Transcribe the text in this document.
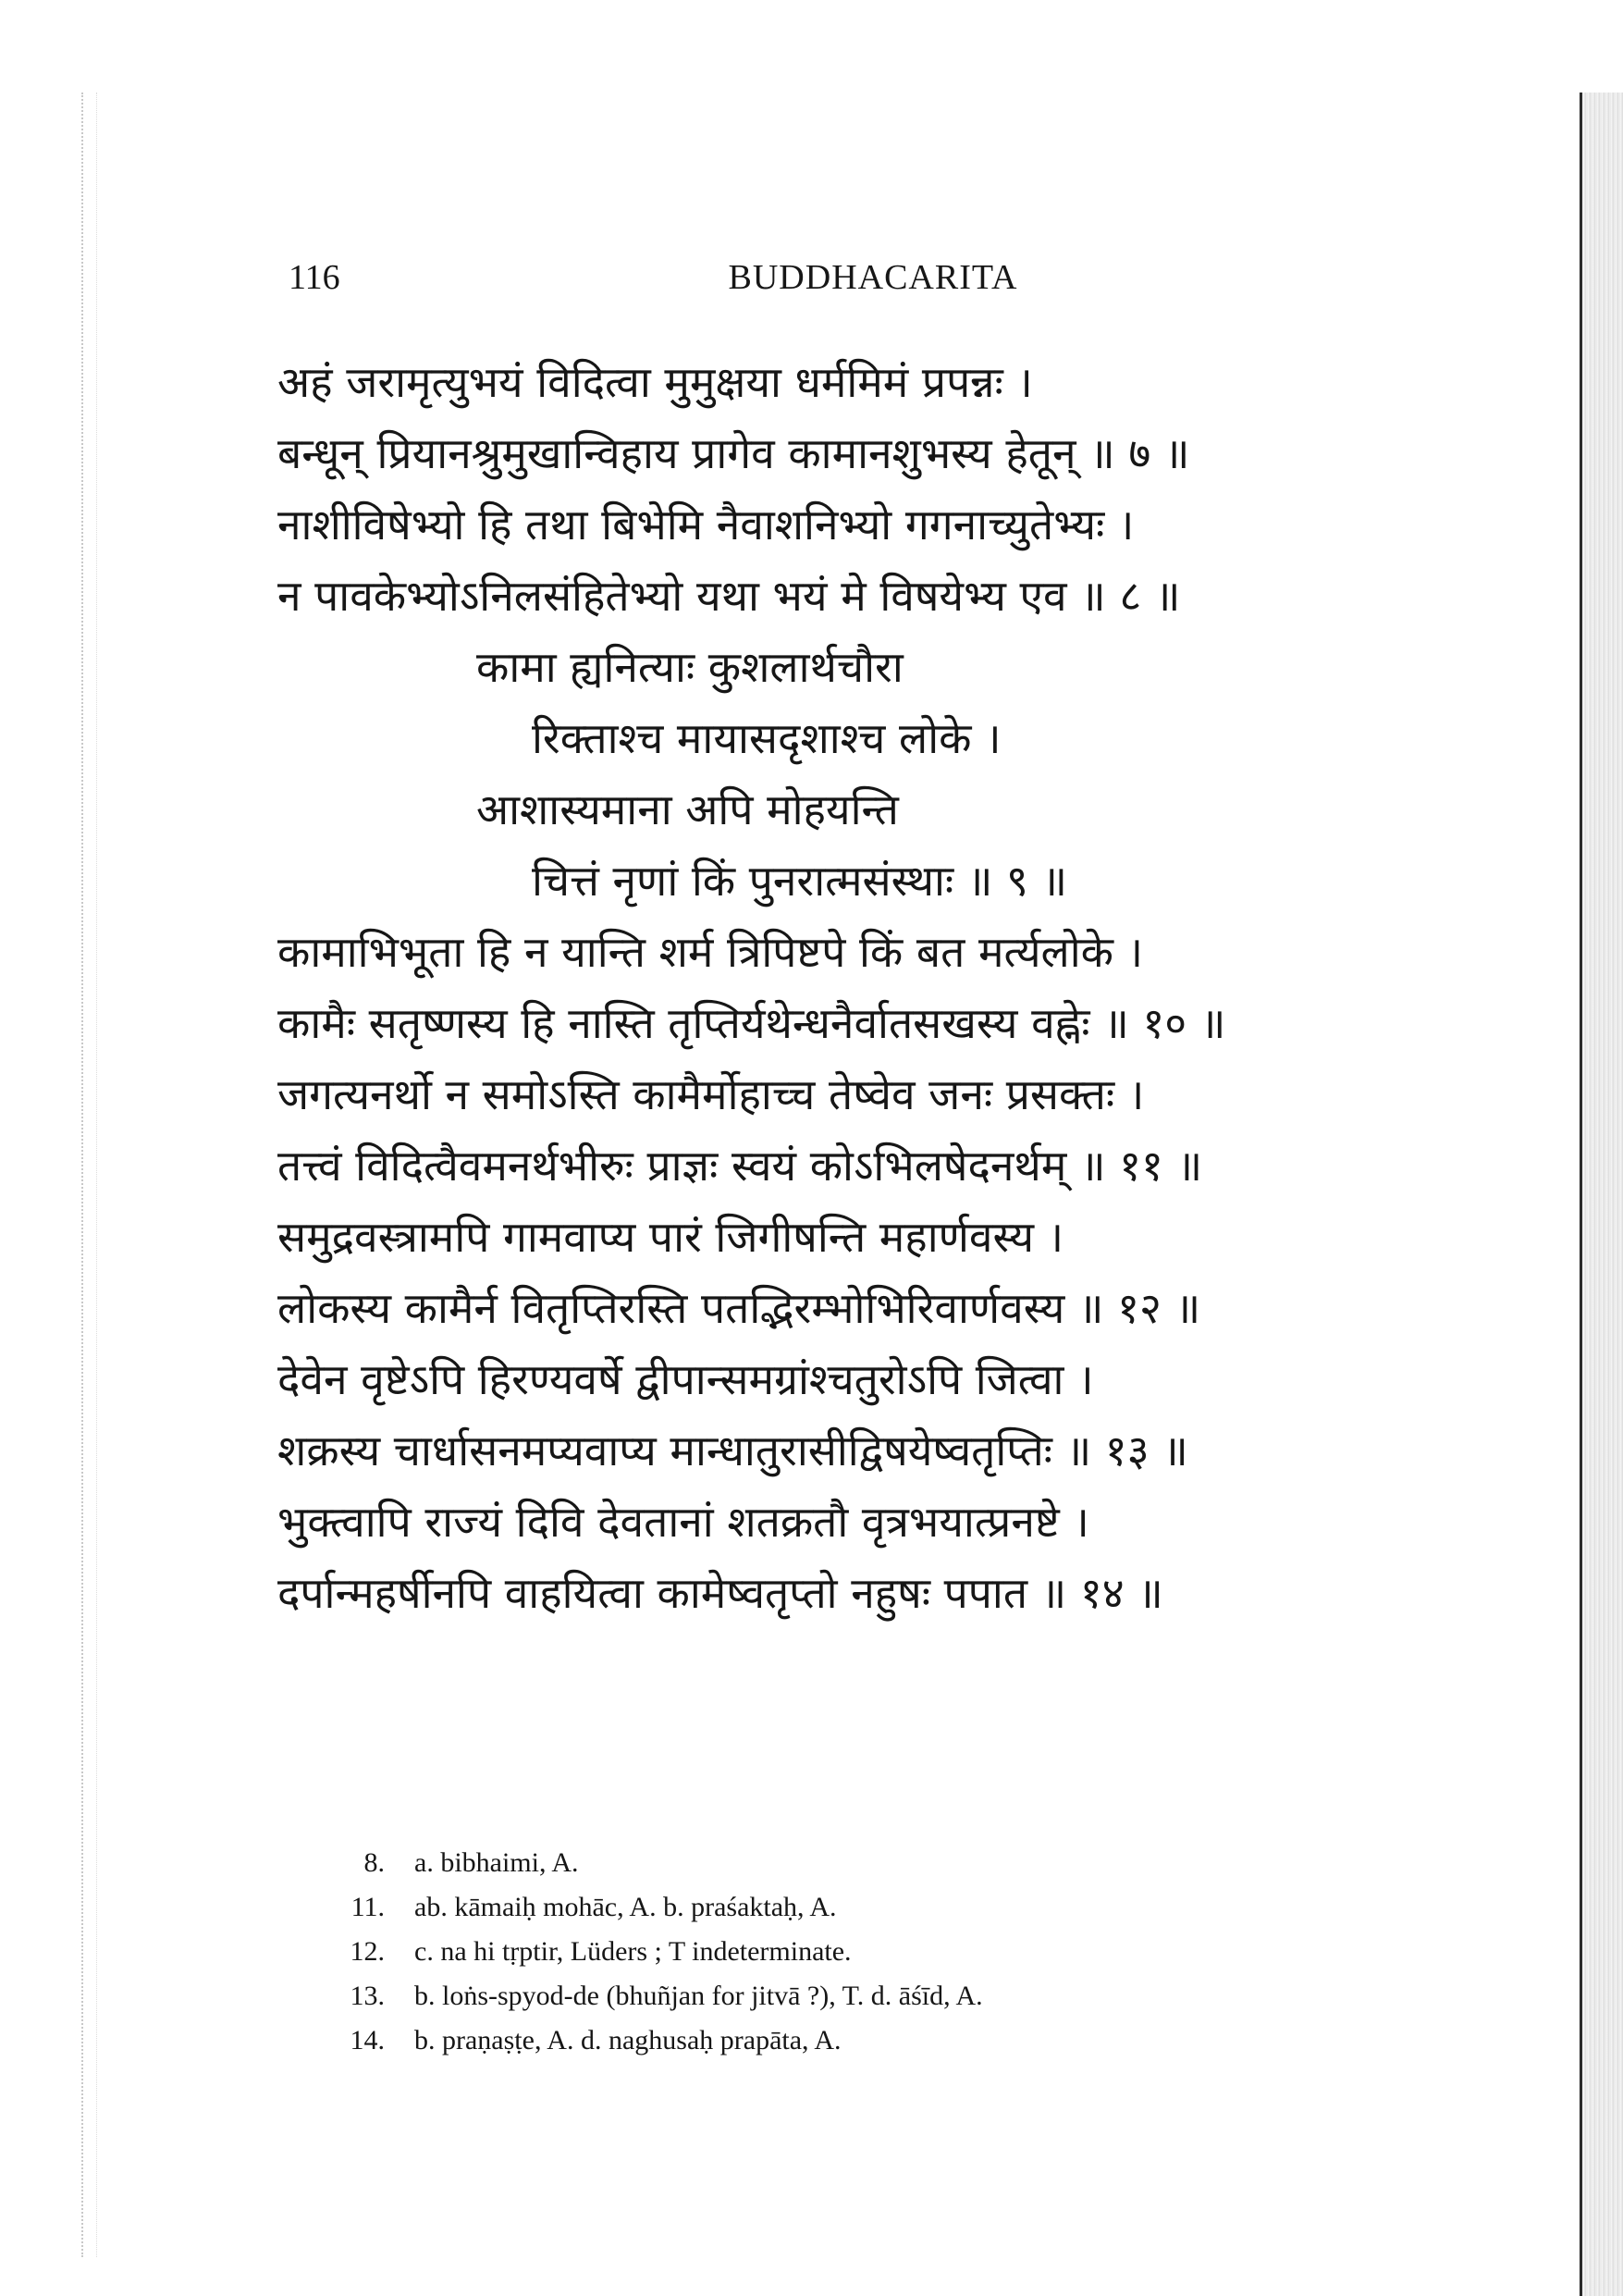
116	BUDDHACARITA
अहं जरामृत्युभयं विदित्वा मुमुक्षया धर्ममिमं प्रपन्नः ।
बन्धून् प्रियानश्रुमुखान्विहाय प्रागेव कामानशुभस्य हेतून् ॥ ७ ॥
नाशीविषेभ्यो हि तथा बिभेमि नैवाशनिभ्यो गगनाच्युतेभ्यः ।
न पावकेभ्योऽनिलसंहितेभ्यो यथा भयं मे विषयेभ्य एव ॥ ८ ॥
कामा ह्यनित्याः कुशलार्थचौरा
रिक्ताश्च मायासदृशाश्च लोके ।
आशास्यमाना अपि मोहयन्ति
चित्तं नृणां किं पुनरात्मसंस्थाः ॥ ९ ॥
कामाभिभूता हि न यान्ति शर्म त्रिपिष्टपे किं बत मर्त्यलोके ।
कामैः सतृष्णस्य हि नास्ति तृप्तिर्यथेन्धनैर्वातसखस्य वह्नेः ॥ १० ॥
जगत्यनर्थो न समोऽस्ति कामैर्मोहाच्च तेष्वेव जनः प्रसक्तः ।
तत्त्वं विदित्वैवमनर्थभीरुः प्राज्ञः स्वयं कोऽभिलषेदनर्थम् ॥ ११ ॥
समुद्रवस्त्रामपि गामवाप्य पारं जिगीषन्ति महार्णवस्य ।
लोकस्य कामैर्न वितृप्तिरस्ति पतद्भिरम्भोभिरिवार्णवस्य ॥ १२ ॥
देवेन वृष्टेऽपि हिरण्यवर्षे द्वीपान्समग्रांश्चतुरोऽपि जित्वा ।
शक्रस्य चार्धासनमप्यवाप्य मान्धातुरासीद्विषयेष्वतृप्तिः ॥ १३ ॥
भुक्त्वापि राज्यं दिवि देवतानां शतक्रतौ वृत्रभयात्प्रनष्टे ।
दर्पान्महर्षीनपि वाहयित्वा कामेष्वतृप्तो नहुषः पपात ॥ १४ ॥
8. a. bibhaimi, A.
11. ab. kāmaiḥ mohāc, A. b. praśaktaḥ, A.
12. c. na hi tṛptir, Lüders ; T indeterminate.
13. b. loṅs-spyod-de (bhuñjan for jitvā ?), T. d. āśīd, A.
14. b. praṇaṣṭe, A. d. naghusaḥ prapāta, A.
